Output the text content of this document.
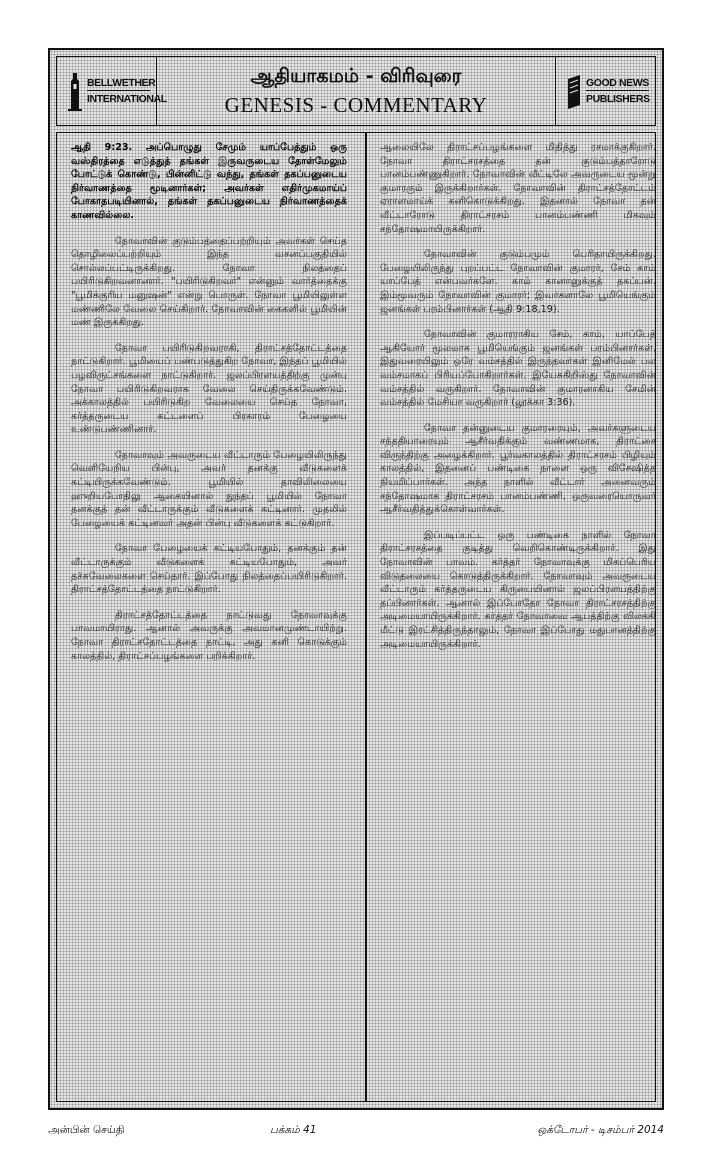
BELLWETHER
INTERNATIONAL
ஆதியாகமம் - விரிவுரை
GENESIS - COMMENTARY
GOOD NEWS
PUBLISHERS

ஆதி 9:23. அப்பொழுது சேமும் யாப்பேத்தும் ஒரு வஸ்திரத்தை எடுத்துத் தங்கள் இருவருடைய தோள்மேலும் போட்டுக் கொண்டு, பின்னிட்டு வந்து, தங்கள் தகப்பனுடைய நிர்வாணத்தை மூடினார்கள்; அவர்கள் எதிர்முகமாய்ப் போகாதபடியினால், தங்கள் தகப்பனுடைய நிர்வாணத்தைக் காணவில்லை.

நோவாவின் குடும்பத்தைப்பற்றியும் அவர்கள் செய்த தொழிலைப்பற்றியும் இந்த வசனப்பகுதியில் சொல்லப்பட்டிருக்கிறது. நோவா நிலத்தைப் பயிரிடுகிறவனானார். "பயிரிடுகிறவர்" என்னும் வார்த்தைக்கு "பூமிக்குரிய மனுஷன்" என்று பொருள். நோவா பூமியிலுள்ள மண்ணிலே வேலை செய்கிறார். நோவாவின் கைகளில் பூமியின் மண் இருக்கிறது.

நோவா பயிரிடுகிறவராகி, திராட்சத்தோட்டத்தை நாட்டுகிறார். பூமியைப் பண்படுத்துகிற நோவா, இந்தப் பூமியில் பழவிருட்சங்களை நாட்டுகிறார். ஜலப்பிரளயத்திற்கு முன்பு நோவா பயிரிடுகிறவராக வேலை செய்திருக்கவேண்டும். அக்காலத்தில் பயிரிடுகிற வேலையை செய்த நோவா, கர்த்தருடைய கட்டளைப் பிரகாரம் பேழையை உண்டுபண்ணினார்.

நோவாவும் அவருடைய வீட்டாரும் பேழையிலிருந்து வெளியேறிய பின்பு, அவர் தனக்கு வீடுகளைக் கட்டியிருக்கவேண்டும். பூமியில் தாவிலிலையை ஹுறியபோதிலு ஆகையினால் நுந்தப் பூமியில் நோவா தனக்குத் தன் வீட்டாருக்கும் வீடுகளைக் கட்டினார். முதலில் பேழையைக் கட்டினவர் அதன் பின்பு வீடுகளைக் கட்டுகிறார்.

நோவா பேழையைக் கட்டியபோதும், தனக்கும் தன் வீட்டாருக்கும் வீடுகளைக் கட்டியபோதும், அவர் தச்சுவேலைகளை செய்தார். இப்போது நிலத்தைப்பயிரிடுகிறார். திராட்சத்தோட்டத்தை நாட்டுகிறார்.

திராட்சத்தோட்டத்தை நாட்டுவது நோவாவுக்கு பாவமாயிராது. ஆனால் அவருக்கு அவமானமுண்டாயிற்று. நோவா திராட்சதோட்டத்தை நாட்டி, அது கனி கொடுக்கும் காலத்தில், திராட்சப்பழங்களை பறிக்கிறார்.

ஆலையிலே திராட்சப்பழங்களை மிதித்து ரசமாக்குகிறார். நோவா திராட்சரசத்தை தன் குடும்பத்தாரோடு பானம்பண்ணுகிறார். நோவாவின் வீட்டிலே அவருடைய மூன்று குமாரரும் இருக்கிறார்கள். நோவாவின் திராட்சத்தோட்டம் ஏராளமாய்க் கனிகொடுக்கிறது. இதனால் நோவா தன் வீட்டாரோடு திராட்சரசம் பானம்பண்ணி மிகவும் சந்தோஷமாயிருக்கிறார்.

நோவாவின் குடும்பமும் பெரிதாயிருக்கிறது. பேழையிலிருந்து புறப்பட்ட நோவாவின் குமாரர், சேம் காம் யாப்பேத் என்பவர்களே. காம் கானானுக்குத் தகப்பன். இம்மூவரும் நோவாவின் குமாரர்; இவர்களாலே பூமியெங்கும் ஜனங்கள் பரம்பினார்கள் (ஆதி 9:18,19).

நோவாவின் குமாரராகிய சேம், காம், யாப்பேத் ஆகியோர் மூலமாக பூமியெங்கும் ஜனங்கள் பரம்பினார்கள். இதுவரையிலும் ஒரே வம்சத்தில் இருந்தவர்கள் இனிமேல் பல வம்சமாகப் பிரியப்போகிறார்கள். இயேசுகிறிஸ்து நோவாவின் வம்சத்தில் வருகிறார். நோவாவின் குமாரனாகிய சேமின் வம்சத்தில் மேசியா வருகிறார் (லூக்கா 3:36).

நோவா தன்னுடைய குமாரரையும், அவர்களுடைய சந்ததியாரையும் ஆசீர்வதிக்கும் வண்ணமாக, திராட்சை விருந்திற்கு அழைக்கிறார். பூர்வகாலத்தில் திராட்சரசம் பிழியும் காலத்தில், இதனைப் பண்டிகை நாளை ஒரு விசேஷித்த நியமிப்பார்கள். அந்த நாளில் வீட்டார் அனைவரும் சந்தோஷமாக திராட்சரசம் பானம்பண்ணி, ஒருவரையொருவர் ஆசீர்வதித்துக்கொள்வார்கள்.

இப்படிப்பட்ட ஒரு பண்டிகை நாளில் நோவா திராட்சரசத்தை குடித்து வெறிகொண்டிருக்கிறார். இது நோவாவின் பாவம். கர்த்தர் நோவாவுக்கு மிகப்பெரிய விடுதலையை கொடுத்திருக்கிறார். நோவாவும் அவருடைய வீட்டாரும் கர்த்தருடைய கிருபையினால் ஜலப்பிரளயத்திற்கு தப்பினார்கள். ஆனால் இப்போதோ நோவா திராட்சரசத்திற்கு அடிமையாயிருக்கிறார். கர்த்தர் நோவாவை ஆபத்திற்கு விலக்கி மீட்டு இரட்சித்திருந்தாலும், நோவா இப்போது மதுபானத்திற்கு அடிமையாயிருக்கிறார்.

அன்பின் செய்தி	பக்கம் 41	ஒக்டோபர் - டிசம்பர் 2014
